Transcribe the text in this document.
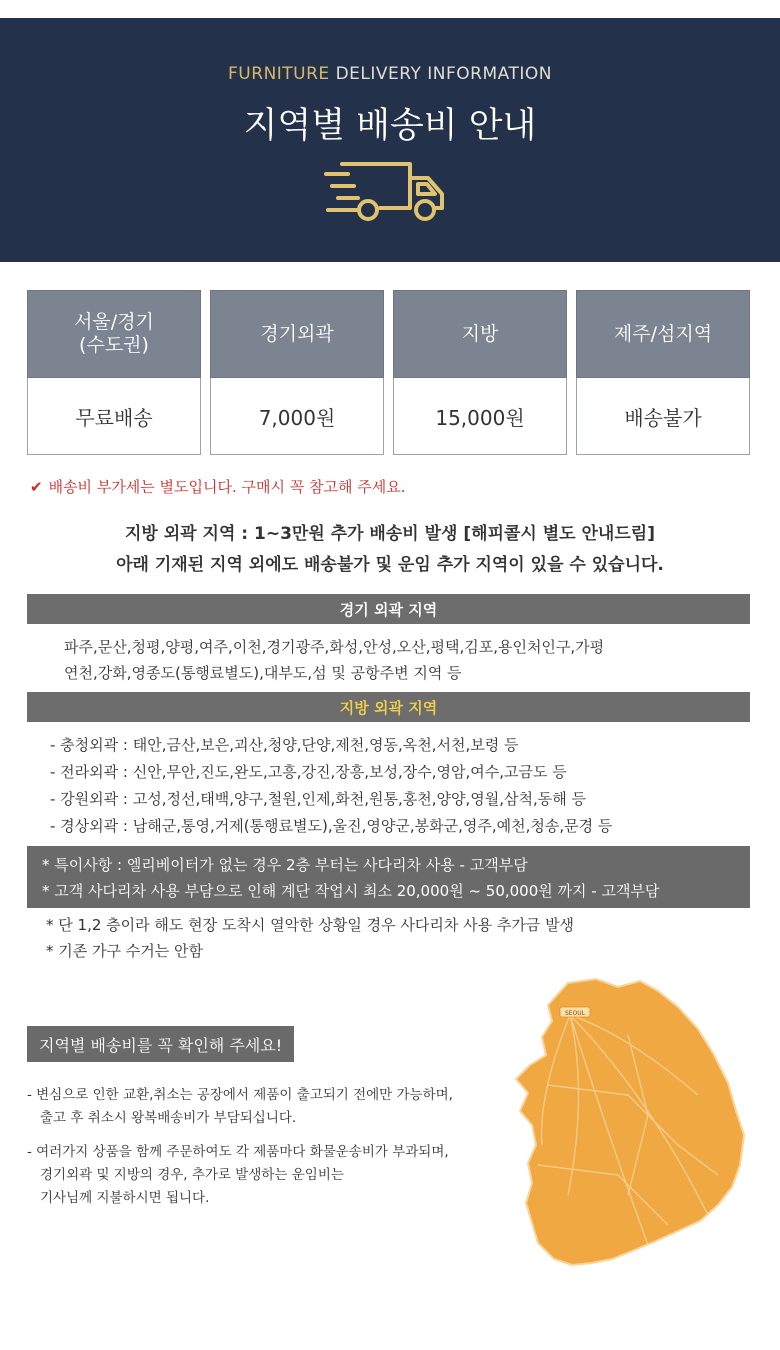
FURNITURE DELIVERY INFORMATION
지역별 배송비 안내
서울/경기
(수도권)
무료배송
경기외곽
7,000원
지방
15,000원
제주/섬지역
배송불가
✔ 배송비 부가세는 별도입니다. 구매시 꼭 참고해 주세요.
지방 외곽 지역 : 1~3만원 추가 배송비 발생 [해피콜시 별도 안내드림]
아래 기재된 지역 외에도 배송불가 및 운임 추가 지역이 있을 수 있습니다.
경기 외곽 지역
파주,문산,청평,양평,여주,이천,경기광주,화성,안성,오산,평택,김포,용인처인구,가평
연천,강화,영종도(통행료별도),대부도,섬 및 공항주변 지역 등
지방 외곽 지역
- 충청외곽 : 태안,금산,보은,괴산,청양,단양,제천,영동,옥천,서천,보령 등
- 전라외곽 : 신안,무안,진도,완도,고흥,강진,장흥,보성,장수,영암,여수,고금도 등
- 강원외곽 : 고성,정선,태백,양구,철원,인제,화천,원통,홍천,양양,영월,삼척,동해 등
- 경상외곽 : 남해군,통영,거제(통행료별도),울진,영양군,봉화군,영주,예천,청송,문경 등
* 특이사항 : 엘리베이터가 없는 경우 2층 부터는 사다리차 사용 - 고객부담
* 고객 사다리차 사용 부담으로 인해 계단 작업시 최소 20,000원 ~ 50,000원 까지 - 고객부담
* 단 1,2 층이라 해도 현장 도착시 열악한 상황일 경우 사다리차 사용 추가금 발생
* 기존 가구 수거는 안함
SEOUL
지역별 배송비를 꼭 확인해 주세요!
- 변심으로 인한 교환,취소는 공장에서 제품이 출고되기 전에만 가능하며,
출고 후 취소시 왕복배송비가 부담되십니다.
- 여러가지 상품을 함께 주문하여도 각 제품마다 화물운송비가 부과되며,
경기외곽 및 지방의 경우, 추가로 발생하는 운임비는
기사님께 지불하시면 됩니다.
